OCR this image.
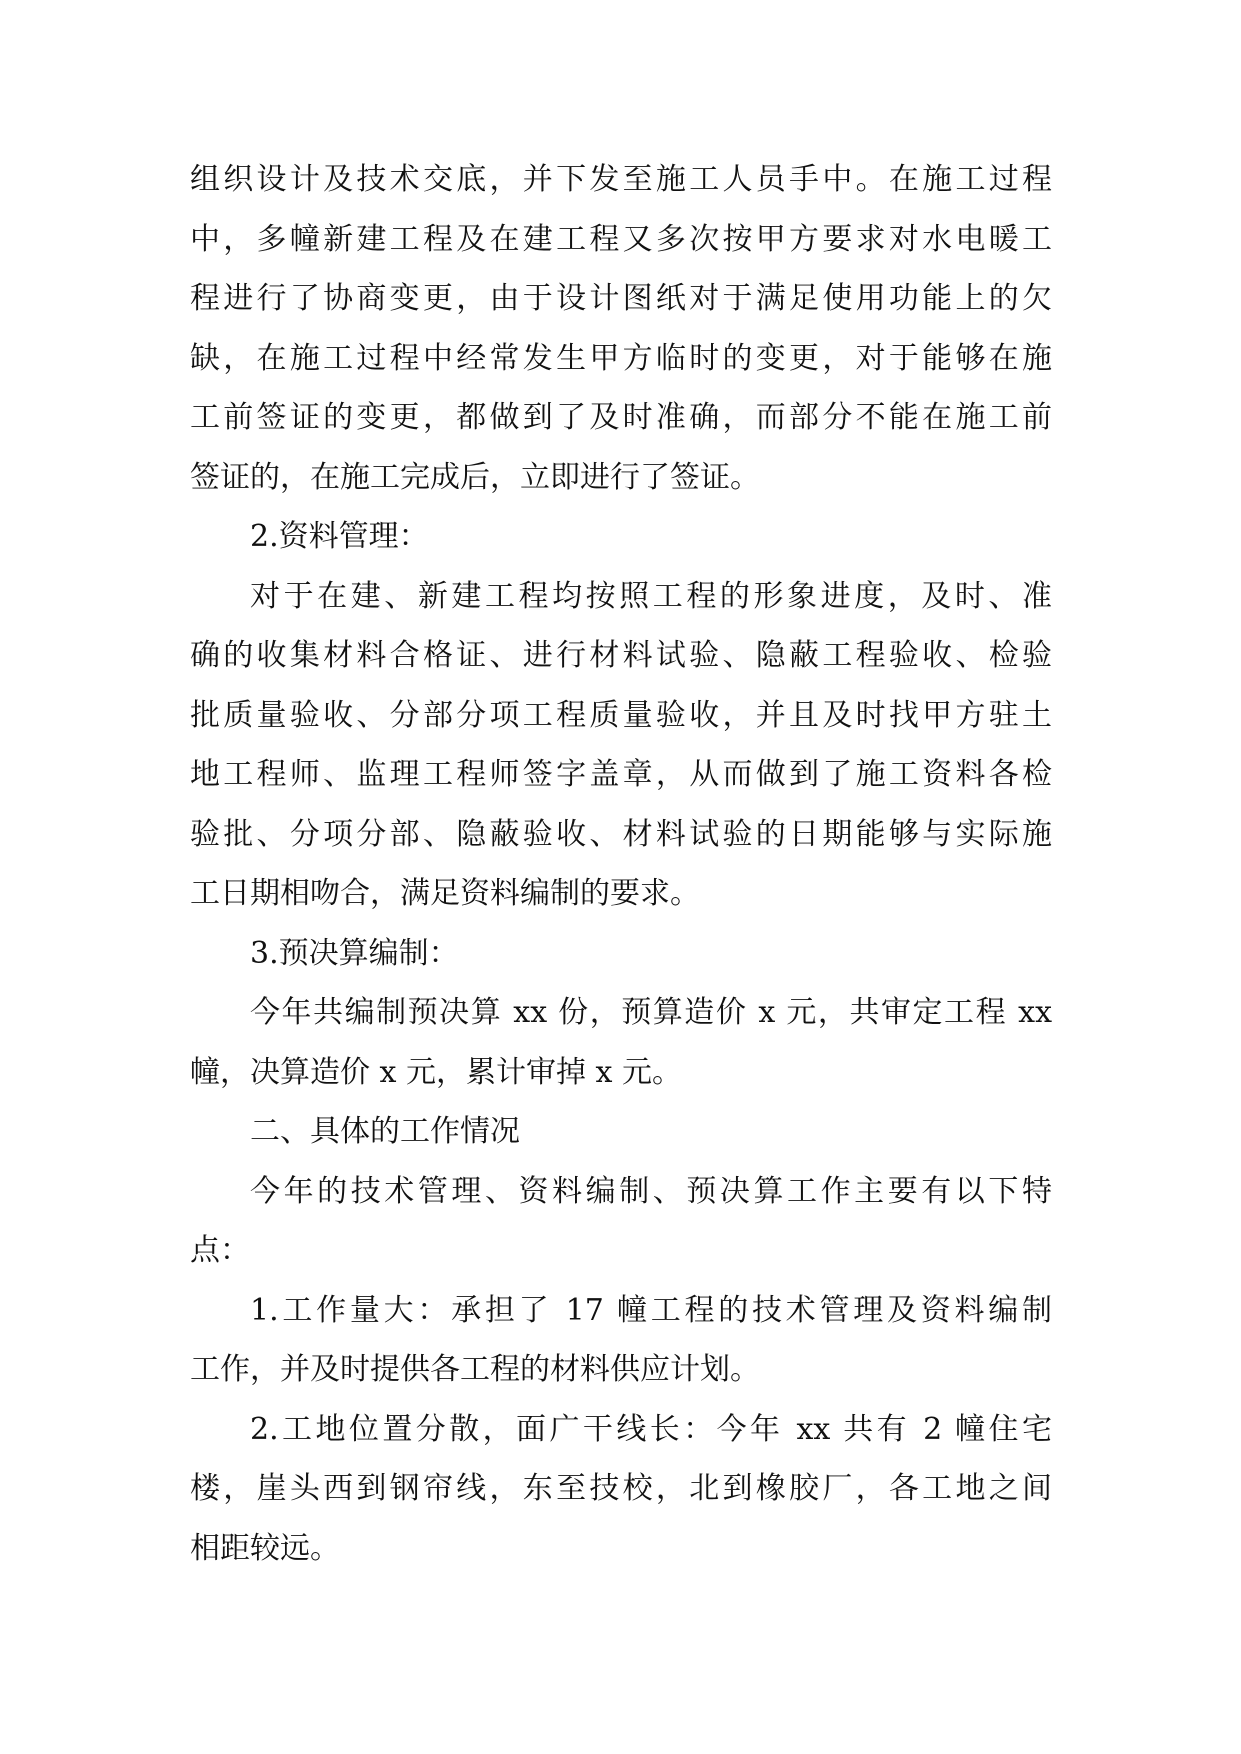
组织设计及技术交底，并下发至施工人员手中。在施工过程
中，多幢新建工程及在建工程又多次按甲方要求对水电暖工
程进行了协商变更，由于设计图纸对于满足使用功能上的欠
缺，在施工过程中经常发生甲方临时的变更，对于能够在施
工前签证的变更，都做到了及时准确，而部分不能在施工前
签证的，在施工完成后，立即进行了签证。
2.资料管理：
对于在建、新建工程均按照工程的形象进度，及时、准
确的收集材料合格证、进行材料试验、隐蔽工程验收、检验
批质量验收、分部分项工程质量验收，并且及时找甲方驻土
地工程师、监理工程师签字盖章，从而做到了施工资料各检
验批、分项分部、隐蔽验收、材料试验的日期能够与实际施
工日期相吻合，满足资料编制的要求。
3.预决算编制：
今年共编制预决算 xx 份，预算造价 x 元，共审定工程 xx
幢，决算造价 x 元，累计审掉 x 元。
二、具体的工作情况
今年的技术管理、资料编制、预决算工作主要有以下特
点：
1.工作量大：承担了 17 幢工程的技术管理及资料编制
工作，并及时提供各工程的材料供应计划。
2.工地位置分散，面广干线长：今年 xx 共有 2 幢住宅
楼，崖头西到钢帘线，东至技校，北到橡胶厂，各工地之间
相距较远。
